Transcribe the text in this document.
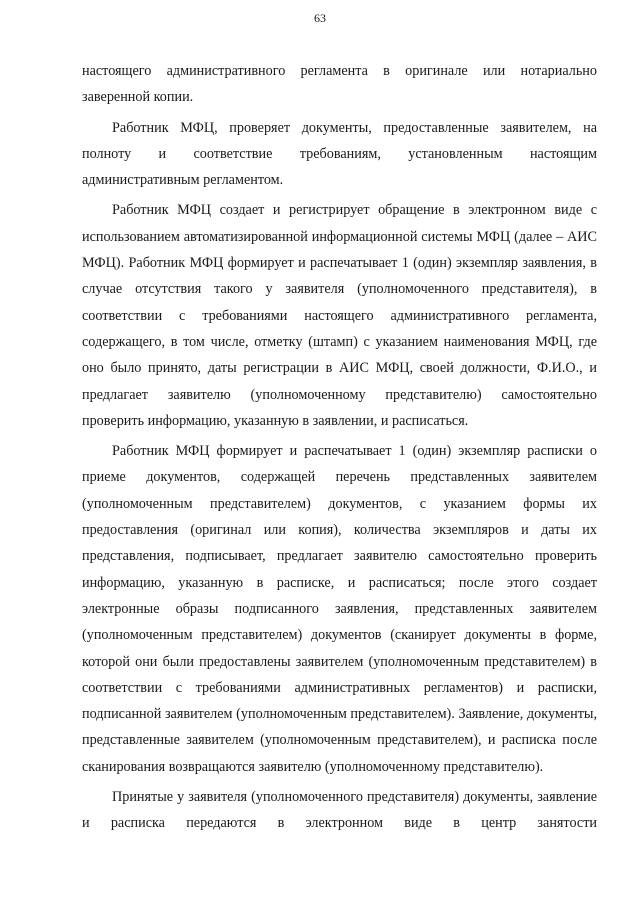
63

настоящего административного регламента в оригинале или нотариально заверенной копии.

Работник МФЦ, проверяет документы, предоставленные заявителем, на полноту и соответствие требованиям, установленным настоящим административным регламентом.

Работник МФЦ создает и регистрирует обращение в электронном виде с использованием автоматизированной информационной системы МФЦ (далее – АИС МФЦ). Работник МФЦ формирует и распечатывает 1 (один) экземпляр заявления, в случае отсутствия такого у заявителя (уполномоченного представителя), в соответствии с требованиями настоящего административного регламента, содержащего, в том числе, отметку (штамп) с указанием наименования МФЦ, где оно было принято, даты регистрации в АИС МФЦ, своей должности, Ф.И.О., и предлагает заявителю (уполномоченному представителю) самостоятельно проверить информацию, указанную в заявлении, и расписаться.

Работник МФЦ формирует и распечатывает 1 (один) экземпляр расписки о приеме документов, содержащей перечень представленных заявителем (уполномоченным представителем) документов, с указанием формы их предоставления (оригинал или копия), количества экземпляров и даты их представления, подписывает, предлагает заявителю самостоятельно проверить информацию, указанную в расписке, и расписаться; после этого создает электронные образы подписанного заявления, представленных заявителем (уполномоченным представителем) документов (сканирует документы в форме, которой они были предоставлены заявителем (уполномоченным представителем) в соответствии с требованиями административных регламентов) и расписки, подписанной заявителем (уполномоченным представителем). Заявление, документы, представленные заявителем (уполномоченным представителем), и расписка после сканирования возвращаются заявителю (уполномоченному представителю).

Принятые у заявителя (уполномоченного представителя) документы, заявление и расписка передаются в электронном виде в центр занятости
